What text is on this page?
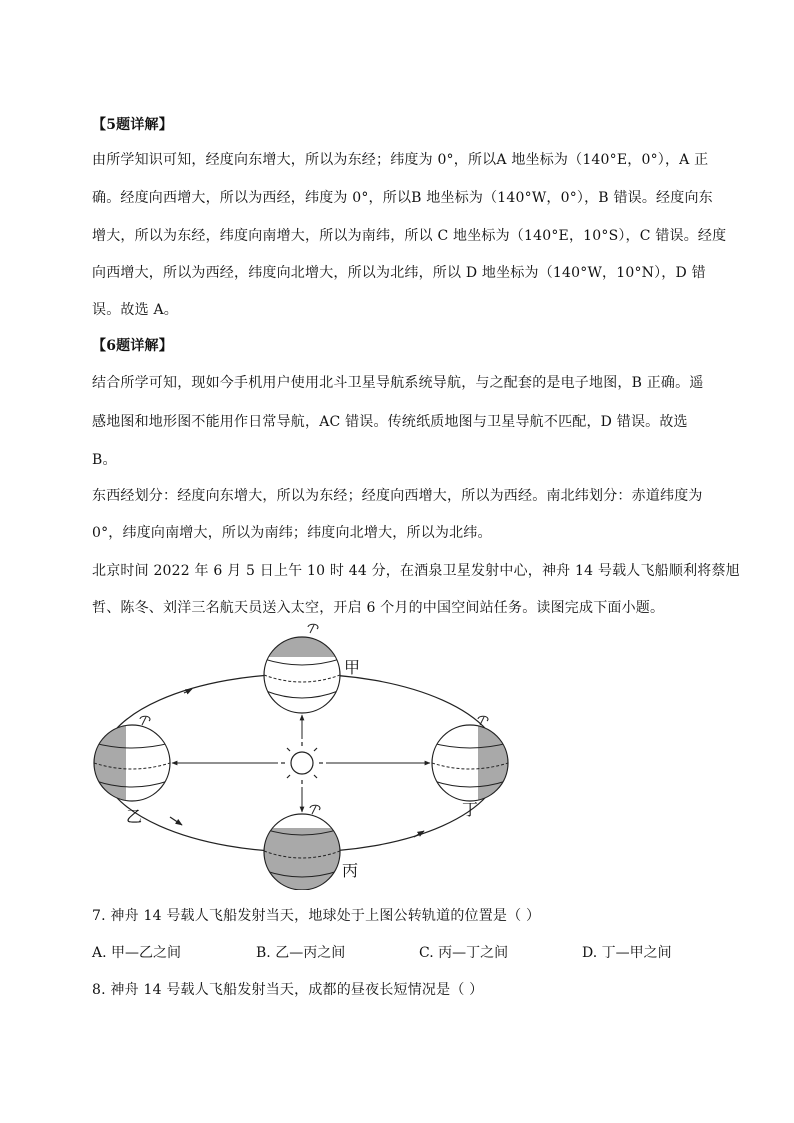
【5题详解】
由所学知识可知，经度向东增大，所以为东经；纬度为 0°，所以A 地坐标为（140°E，0°），A 正
确。经度向西增大，所以为西经，纬度为 0°，所以B 地坐标为（140°W，0°），B 错误。经度向东
增大，所以为东经，纬度向南增大，所以为南纬，所以 C 地坐标为（140°E，10°S），C 错误。经度
向西增大，所以为西经，纬度向北增大，所以为北纬，所以 D 地坐标为（140°W，10°N），D 错
误。故选 A。
【6题详解】
结合所学可知，现如今手机用户使用北斗卫星导航系统导航，与之配套的是电子地图，B 正确。遥
感地图和地形图不能用作日常导航，AC 错误。传统纸质地图与卫星导航不匹配，D 错误。故选
B。
东西经划分：经度向东增大，所以为东经；经度向西增大，所以为西经。南北纬划分：赤道纬度为
0°，纬度向南增大，所以为南纬；纬度向北增大，所以为北纬。
北京时间 2022 年 6 月 5 日上午 10 时 44 分，在酒泉卫星发射中心，神舟 14 号载人飞船顺利将蔡旭
哲、陈冬、刘洋三名航天员送入太空，开启 6 个月的中国空间站任务。读图完成下面小题。
甲
乙
丙
丁
7. 神舟 14 号载人飞船发射当天，地球处于上图公转轨道的位置是（ ）
A. 甲—乙之间	B. 乙—丙之间	C. 丙—丁之间	D. 丁—甲之间
8. 神舟 14 号载人飞船发射当天，成都的昼夜长短情况是（ ）
